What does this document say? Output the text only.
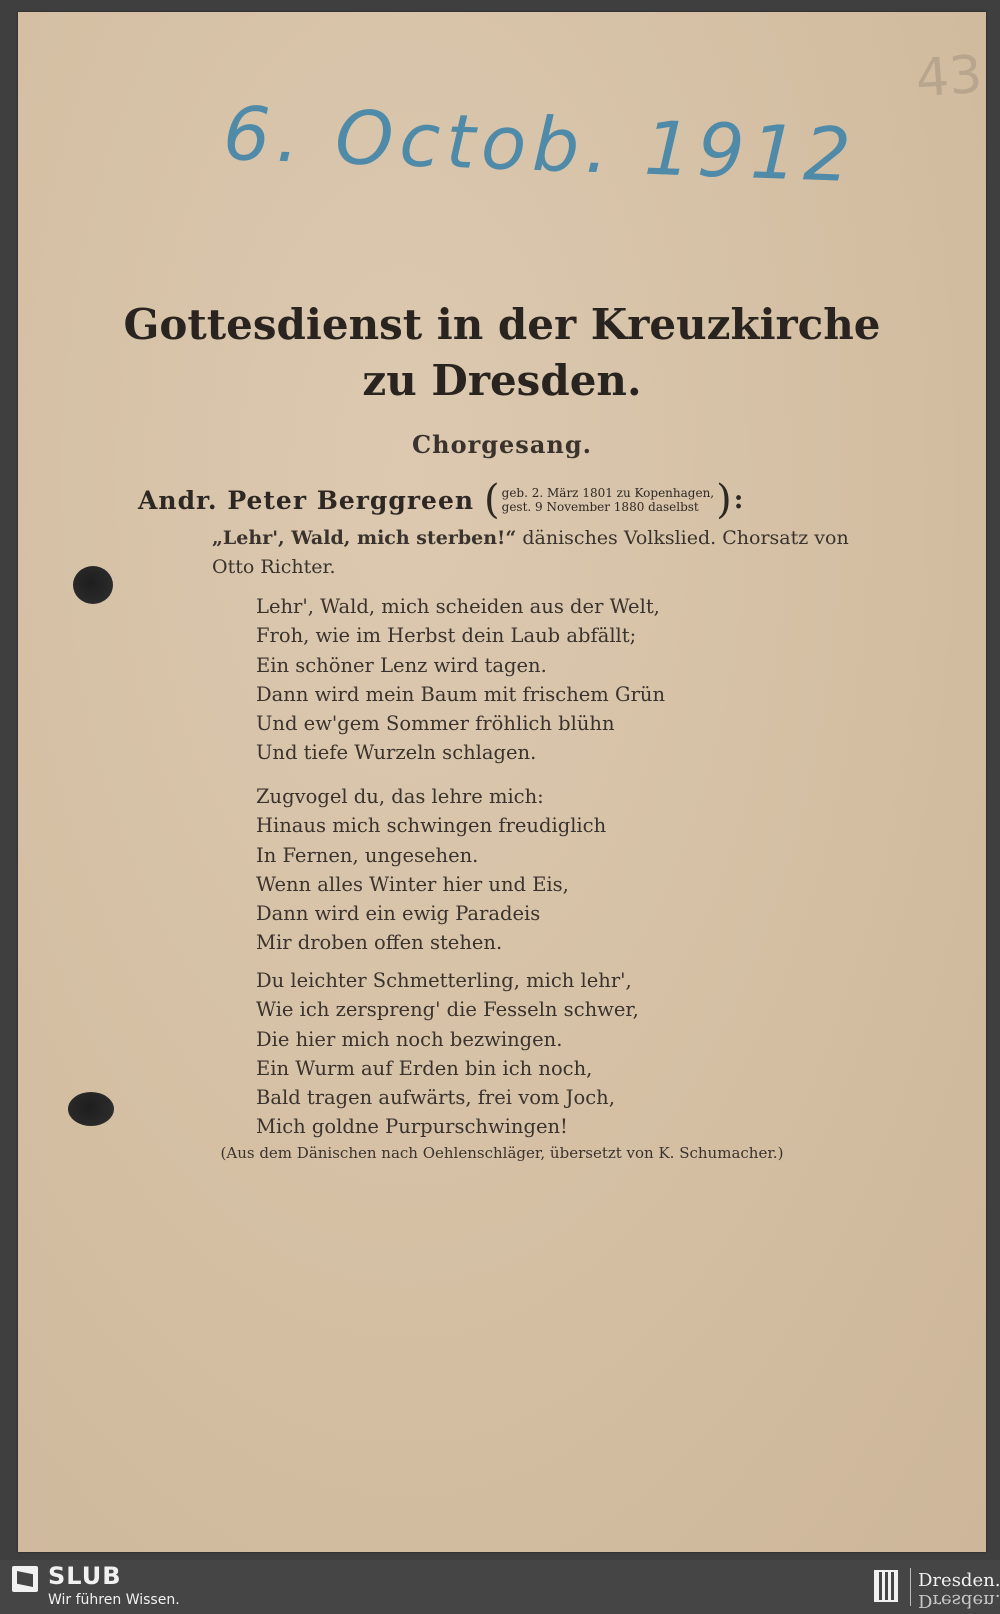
6. Octob. 1912
43
Gottesdienst in der Kreuzkirche
zu Dresden.
Chorgesang.
Andr. Peter Berggreen ( geb. 2. März 1801 zu Kopenhagen,
gest. 9 November 1880 daselbst ) :
„Lehr', Wald, mich sterben!“ dänisches Volkslied. Chorsatz von Otto Richter.
Lehr', Wald, mich scheiden aus der Welt,
Froh, wie im Herbst dein Laub abfällt;
Ein schöner Lenz wird tagen.
Dann wird mein Baum mit frischem Grün
Und ew'gem Sommer fröhlich blühn
Und tiefe Wurzeln schlagen.
Zugvogel du, das lehre mich:
Hinaus mich schwingen freudiglich
In Fernen, ungesehen.
Wenn alles Winter hier und Eis,
Dann wird ein ewig Paradeis
Mir droben offen stehen.
Du leichter Schmetterling, mich lehr',
Wie ich zerspreng' die Fesseln schwer,
Die hier mich noch bezwingen.
Ein Wurm auf Erden bin ich noch,
Bald tragen aufwärts, frei vom Joch,
Mich goldne Purpurschwingen!
(Aus dem Dänischen nach Oehlenschläger, übersetzt von K. Schumacher.)
SLUB
Wir führen Wissen.
Dresden.
Dresden.
